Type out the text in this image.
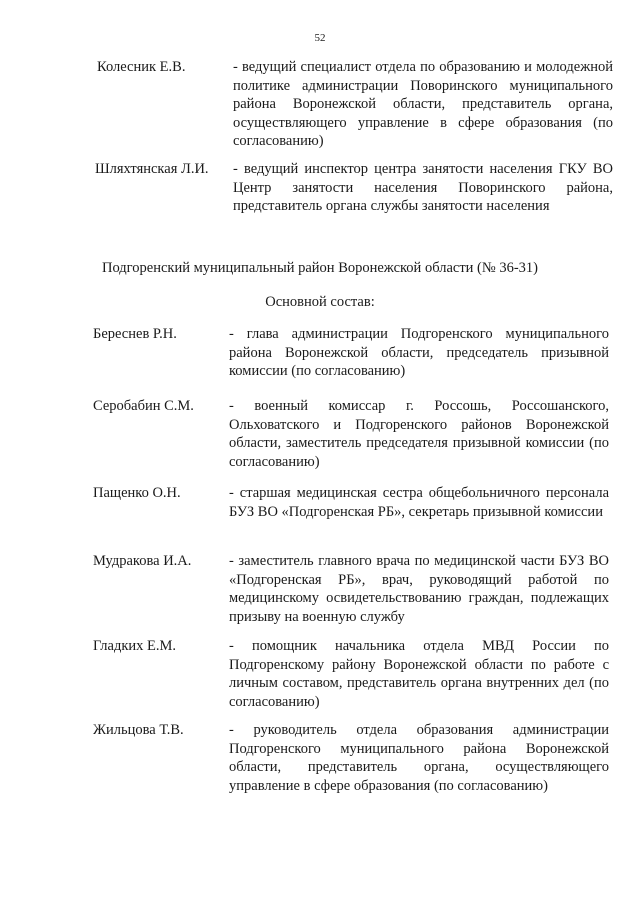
52
Колесник Е.В.	- ведущий специалист отдела по образованию и молодежной политике администрации Поворинского муниципального района Воронежской области, представитель органа, осуществляющего управление в сфере образования (по согласованию)
Шляхтянская Л.И. - ведущий инспектор центра занятости населения ГКУ ВО Центр занятости населения Поворинского района, представитель органа службы занятости населения
Подгоренский муниципальный район Воронежской области (№ 36-31)
Основной состав:
Береснев Р.Н.	- глава администрации Подгоренского муниципального района Воронежской области, председатель призывной комиссии (по согласованию)
Серобабин С.М. - военный комиссар г. Россошь, Россошанского, Ольховатского и Подгоренского районов Воронежской области, заместитель председателя призывной комиссии (по согласованию)
Пащенко О.Н.	- старшая медицинская сестра общебольничного персонала БУЗ ВО «Подгоренская РБ», секретарь призывной комиссии
Мудракова И.А.	- заместитель главного врача по медицинской части БУЗ ВО «Подгоренская РБ», врач, руководящий работой по медицинскому освидетельствованию граждан, подлежащих призыву на военную службу
Гладких Е.М.	- помощник начальника отдела МВД России по Подгоренскому району Воронежской области по работе с личным составом, представитель органа внутренних дел (по согласованию)
Жильцова Т.В.	- руководитель отдела образования администрации Подгоренского муниципального района Воронежской области, представитель органа, осуществляющего управление в сфере образования (по согласованию)
